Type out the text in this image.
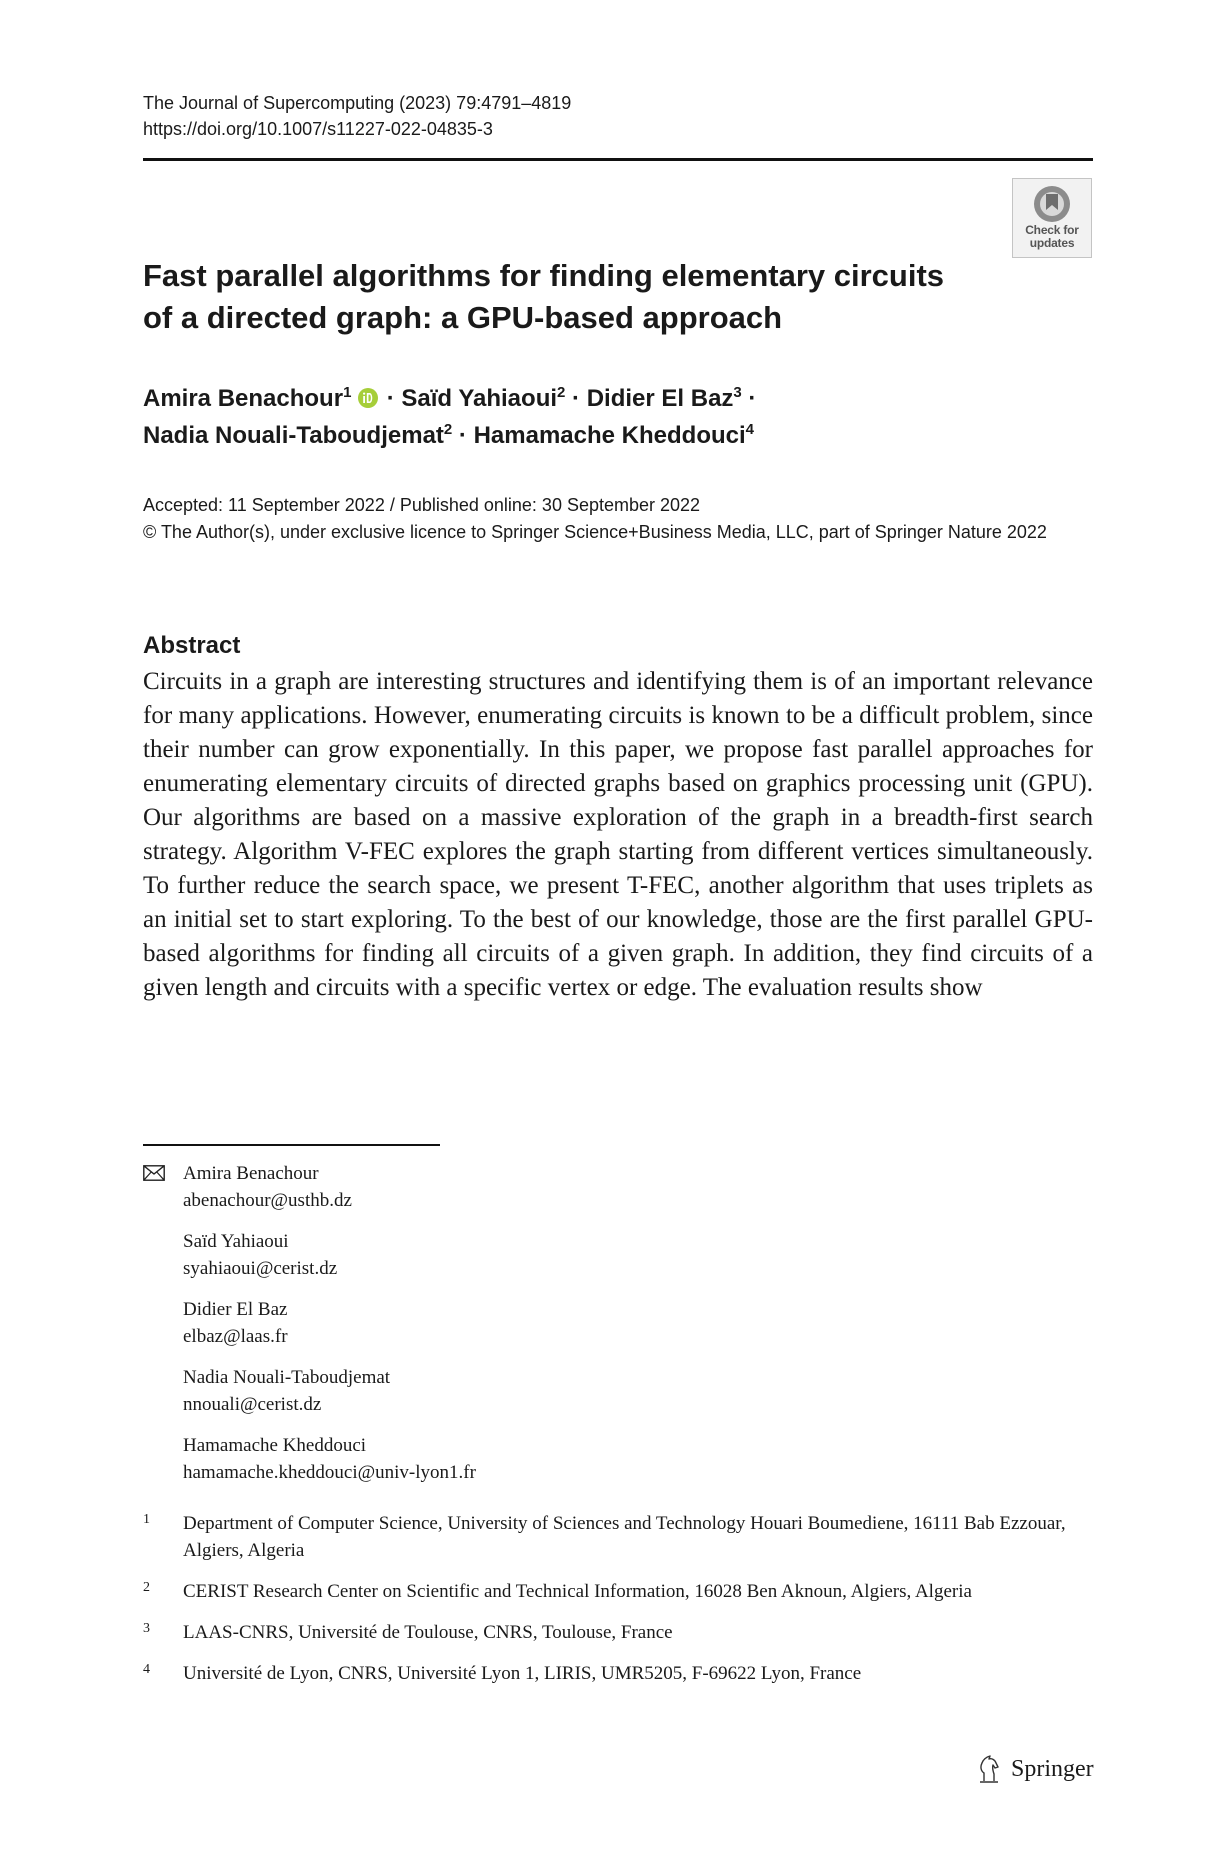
The Journal of Supercomputing (2023) 79:4791–4819
https://doi.org/10.1007/s11227-022-04835-3
Check for
updates
Fast parallel algorithms for finding elementary circuits
of a directed graph: a GPU-based approach
Amira Benachour$^1$  · Saïd Yahiaoui$^2$ · Didier El Baz$^3$ ·
Nadia Nouali-Taboudjemat$^2$ · Hamamache Kheddouci$^4$
Accepted: 11 September 2022 / Published online: 30 September 2022
© The Author(s), under exclusive licence to Springer Science+Business Media, LLC, part of Springer Nature 2022
Abstract
Circuits in a graph are interesting structures and identifying them is of an important relevance for many applications. However, enumerating circuits is known to be a difficult problem, since their number can grow exponentially. In this paper, we propose fast parallel approaches for enumerating elementary circuits of directed graphs based on graphics processing unit (GPU). Our algorithms are based on a massive exploration of the graph in a breadth-first search strategy. Algorithm V-FEC explores the graph starting from different vertices simultaneously. To further reduce the search space, we present T-FEC, another algorithm that uses triplets as an initial set to start exploring. To the best of our knowledge, those are the first parallel GPU-based algorithms for finding all circuits of a given graph. In addition, they find circuits of a given length and circuits with a specific vertex or edge. The evaluation results show
Amira Benachour
abenachour@usthb.dz
Saïd Yahiaoui
syahiaoui@cerist.dz
Didier El Baz
elbaz@laas.fr
Nadia Nouali-Taboudjemat
nnouali@cerist.dz
Hamamache Kheddouci
hamamache.kheddouci@univ-lyon1.fr
1 Department of Computer Science, University of Sciences and Technology Houari Boumediene, 16111 Bab Ezzouar, Algiers, Algeria
2 CERIST Research Center on Scientific and Technical Information, 16028 Ben Aknoun, Algiers, Algeria
3 LAAS-CNRS, Université de Toulouse, CNRS, Toulouse, France
4 Université de Lyon, CNRS, Université Lyon 1, LIRIS, UMR5205, F-69622 Lyon, France
Springer
